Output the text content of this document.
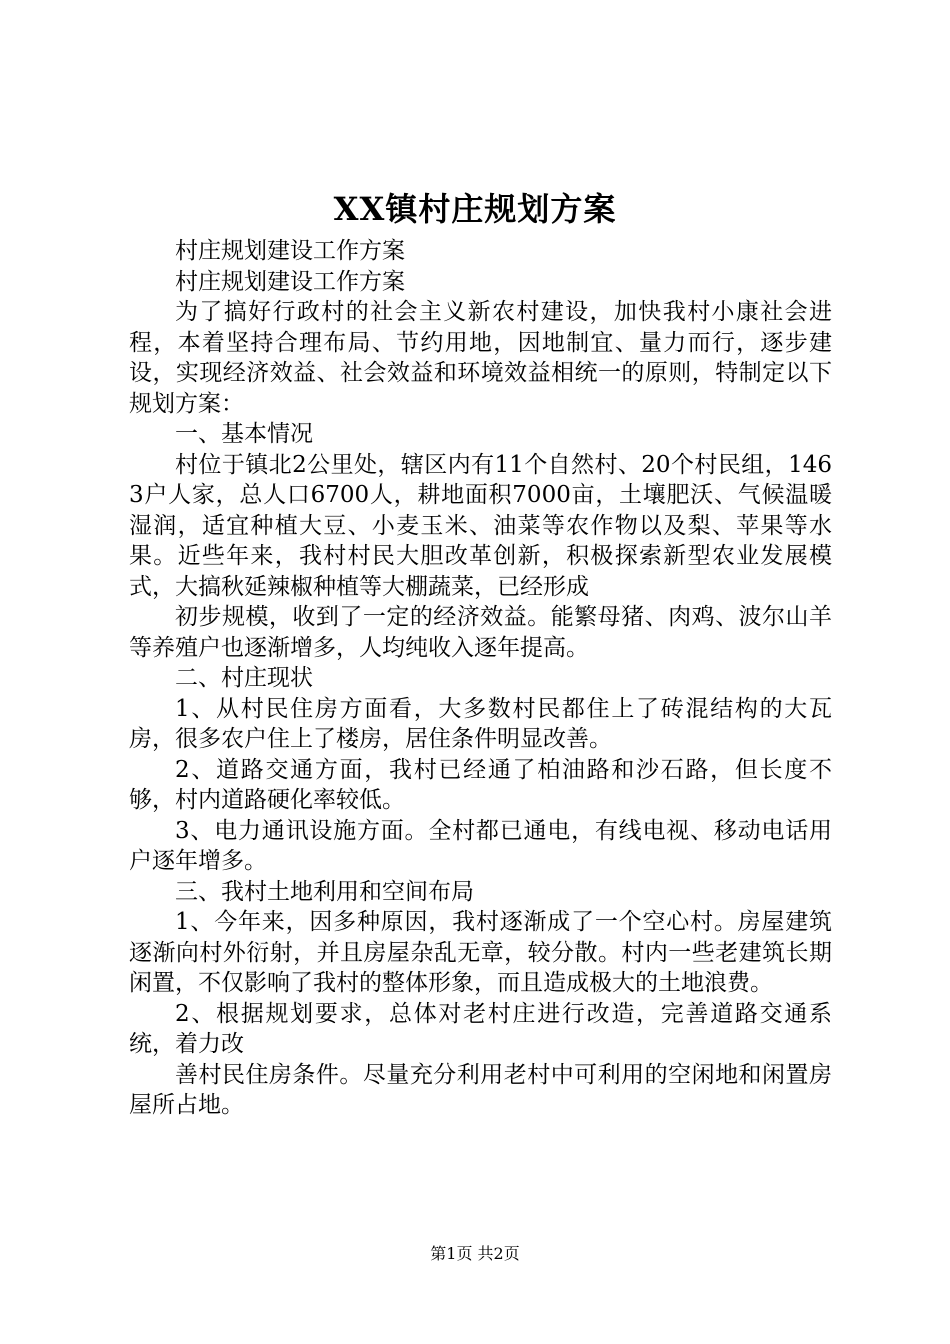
XX镇村庄规划方案

村庄规划建设工作方案

村庄规划建设工作方案

为了搞好行政村的社会主义新农村建设，加快我村小康社会进程，本着坚持合理布局、节约用地，因地制宜、量力而行，逐步建设，实现经济效益、社会效益和环境效益相统一的原则，特制定以下规划方案：

一、基本情况

村位于镇北2公里处，辖区内有11个自然村、20个村民组，1463户人家，总人口6700人，耕地面积7000亩，土壤肥沃、气候温暖湿润，适宜种植大豆、小麦玉米、油菜等农作物以及梨、苹果等水果。近些年来，我村村民大胆改革创新，积极探索新型农业发展模式，大搞秋延辣椒种植等大棚蔬菜，已经形成

初步规模，收到了一定的经济效益。能繁母猪、肉鸡、波尔山羊等养殖户也逐渐增多，人均纯收入逐年提高。

二、村庄现状

1、从村民住房方面看，大多数村民都住上了砖混结构的大瓦房，很多农户住上了楼房，居住条件明显改善。

2、道路交通方面，我村已经通了柏油路和沙石路，但长度不够，村内道路硬化率较低。

3、电力通讯设施方面。全村都已通电，有线电视、移动电话用户逐年增多。

三、我村土地利用和空间布局

1、今年来，因多种原因，我村逐渐成了一个空心村。房屋建筑逐渐向村外衍射，并且房屋杂乱无章，较分散。村内一些老建筑长期闲置，不仅影响了我村的整体形象，而且造成极大的土地浪费。

2、根据规划要求，总体对老村庄进行改造，完善道路交通系统，着力改

善村民住房条件。尽量充分利用老村中可利用的空闲地和闲置房屋所占地。

第1页 共2页
